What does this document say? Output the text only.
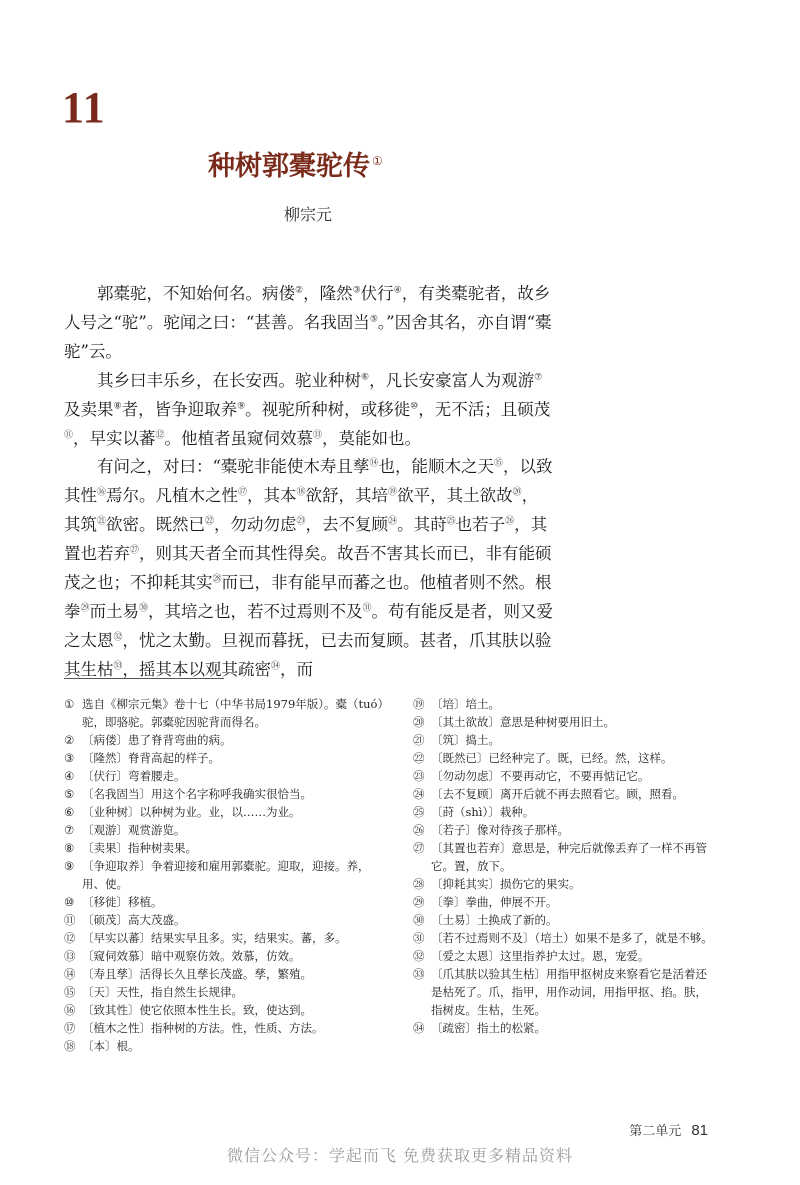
11
种树郭橐驼传 ①
柳宗元

郭橐驼，不知始何名。病偻②，隆然③伏行④，有类橐驼者，故乡人号之“驼”。驼闻之曰：“甚善。名我固当⑤。”因舍其名，亦自谓“橐驼”云。

其乡曰丰乐乡，在长安西。驼业种树⑥，凡长安豪富人为观游⑦及卖果⑧者，皆争迎取养⑨。视驼所种树，或移徙⑩，无不活；且硕茂⑪，早实以蕃⑫。他植者虽窥伺效慕⑬，莫能如也。

有问之，对曰：“橐驼非能使木寿且孳⑭也，能顺木之天⑮，以致其性⑯焉尔。凡植木之性⑰，其本⑱欲舒，其培⑲欲平，其土欲故⑳，其筑$^㉑$欲密。既然已$^㉒$，勿动勿虑$^㉓$，去不复顾$^㉔$。其莳$^㉕$也若子$^㉖$，其置也若弃$^㉗$，则其天者全而其性得矣。故吾不害其长而已，非有能硕茂之也；不抑耗其实$^㉘$而已，非有能早而蕃之也。他植者则不然。根拳$^㉙$而土易$^㉚$，其培之也，若不过焉则不及$^㉛$。苟有能反是者，则又爱之太恩$^㉜$，忧之太勤。旦视而暮抚，已去而复顾。甚者，爪其肤以验其生枯$^㉝$，摇其本以观其疏密$^㉞$，而

① 选自《柳宗元集》卷十七（中华书局1979年版）。橐（tuó）驼，即骆驼。郭橐驼因驼背而得名。
② 〔病偻〕患了脊背弯曲的病。
③ 〔隆然〕脊背高起的样子。
④ 〔伏行〕弯着腰走。
⑤ 〔名我固当〕用这个名字称呼我确实很恰当。
⑥ 〔业种树〕以种树为业。业，以……为业。
⑦ 〔观游〕观赏游览。
⑧ 〔卖果〕指种树卖果。
⑨ 〔争迎取养〕争着迎接和雇用郭橐驼。迎取，迎接。养，用、使。
⑩ 〔移徙〕移植。
⑪ 〔硕茂〕高大茂盛。
⑫ 〔早实以蕃〕结果实早且多。实，结果实。蕃，多。
⑬ 〔窥伺效慕〕暗中观察仿效。效慕，仿效。
⑭ 〔寿且孳〕活得长久且孳长茂盛。孳，繁殖。
⑮ 〔天〕天性，指自然生长规律。
⑯ 〔致其性〕使它依照本性生长。致，使达到。
⑰ 〔植木之性〕指种树的方法。性，性质、方法。
⑱ 〔本〕根。
⑲ 〔培〕培土。
⑳ 〔其土欲故〕意思是种树要用旧土。
㉑ 〔筑〕捣土。
㉒ 〔既然已〕已经种完了。既，已经。然，这样。
㉓ 〔勿动勿虑〕不要再动它，不要再惦记它。
㉔ 〔去不复顾〕离开后就不再去照看它。顾，照看。
㉕ 〔莳（shì）〕栽种。
㉖ 〔若子〕像对待孩子那样。
㉗ 〔其置也若弃〕意思是，种完后就像丢弃了一样不再管它。置，放下。
㉘ 〔抑耗其实〕损伤它的果实。
㉙ 〔拳〕拳曲，伸展不开。
㉚ 〔土易〕土换成了新的。
㉛ 〔若不过焉则不及〕（培土）如果不是多了，就是不够。
㉜ 〔爱之太恩〕这里指养护太过。恩，宠爱。
㉝ 〔爪其肤以验其生枯〕用指甲抠树皮来察看它是活着还是枯死了。爪，指甲，用作动词，用指甲抠、掐。肤，指树皮。生枯，生死。
㉞ 〔疏密〕指土的松紧。
第二单元 81
微信公众号：学起而飞 免费获取更多精品资料
